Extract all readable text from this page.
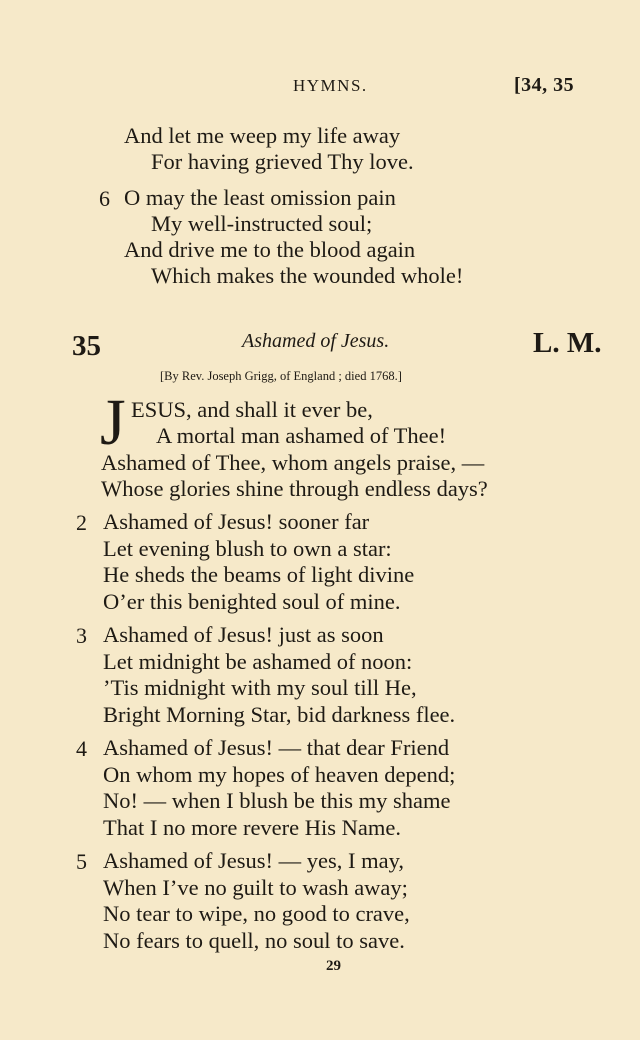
HYMNS.	[34, 35
And let me weep my life away
For having grieved Thy love.
6 O may the least omission pain
My well-instructed soul;
And drive me to the blood again
Which makes the wounded whole!
35	Ashamed of Jesus.	L. M.
[By Rev. Joseph Grigg, of England ; died 1768.]
J ESUS, and shall it ever be,
A mortal man ashamed of Thee!
Ashamed of Thee, whom angels praise, —
Whose glories shine through endless days?
2 Ashamed of Jesus! sooner far
Let evening blush to own a star:
He sheds the beams of light divine
O’er this benighted soul of mine.
3 Ashamed of Jesus! just as soon
Let midnight be ashamed of noon:
’Tis midnight with my soul till He,
Bright Morning Star, bid darkness flee.
4 Ashamed of Jesus! — that dear Friend
On whom my hopes of heaven depend;
No! — when I blush be this my shame
That I no more revere His Name.
5 Ashamed of Jesus! — yes, I may,
When I’ve no guilt to wash away;
No tear to wipe, no good to crave,
No fears to quell, no soul to save.
29
